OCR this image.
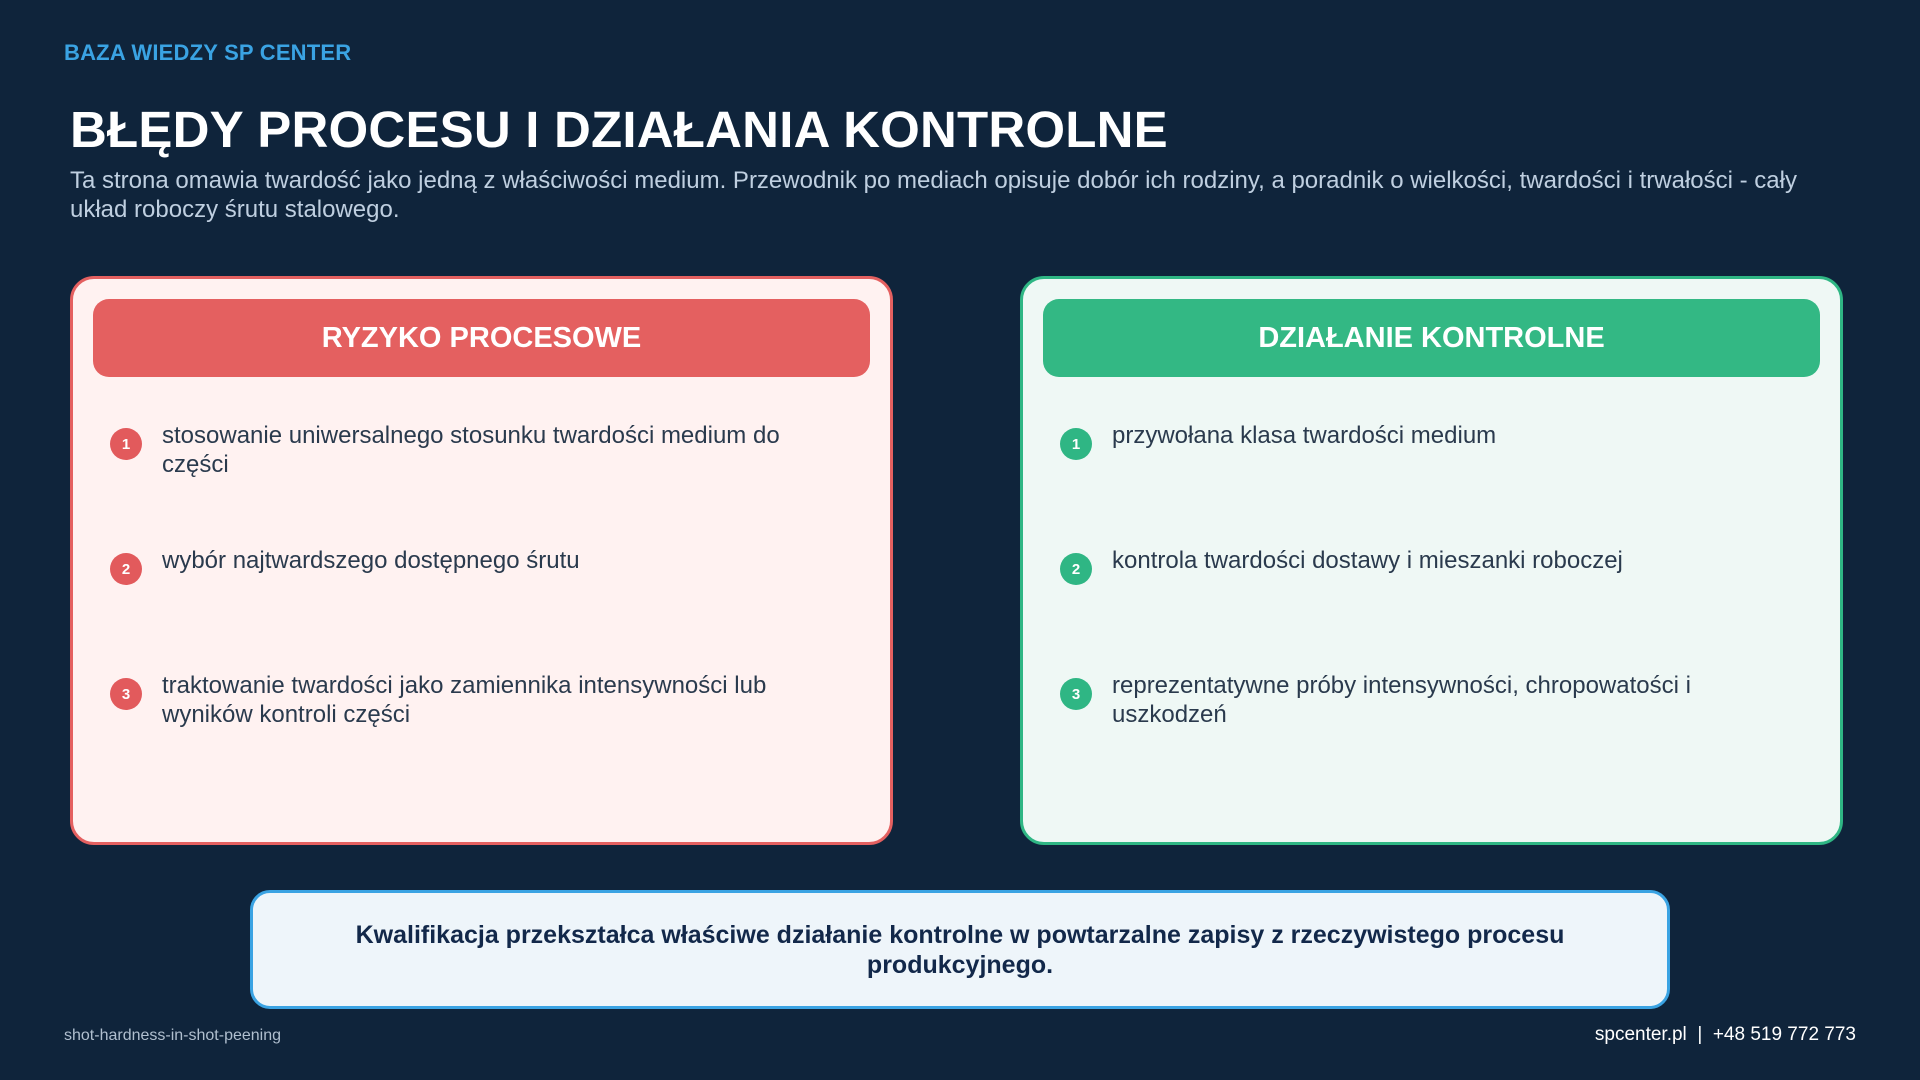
BAZA WIEDZY SP CENTER
BŁĘDY PROCESU I DZIAŁANIA KONTROLNE

Ta strona omawia twardość jako jedną z właściwości medium. Przewodnik po mediach opisuje dobór ich rodziny, a poradnik o wielkości, twardości i trwałości - cały układ roboczy śrutu stalowego.

RYZYKO PROCESOWE
1	stosowanie uniwersalnego stosunku twardości medium do części
2	wybór najtwardszego dostępnego śrutu
3	traktowanie twardości jako zamiennika intensywności lub wyników kontroli części
DZIAŁANIE KONTROLNE
1	przywołana klasa twardości medium
2	kontrola twardości dostawy i mieszanki roboczej
3	reprezentatywne próby intensywności, chropowatości i uszkodzeń
Kwalifikacja przekształca właściwe działanie kontrolne w powtarzalne zapisy z rzeczywistego procesu produkcyjnego.
shot-hardness-in-shot-peening	spcenter.pl  |  +48 519 772 773
